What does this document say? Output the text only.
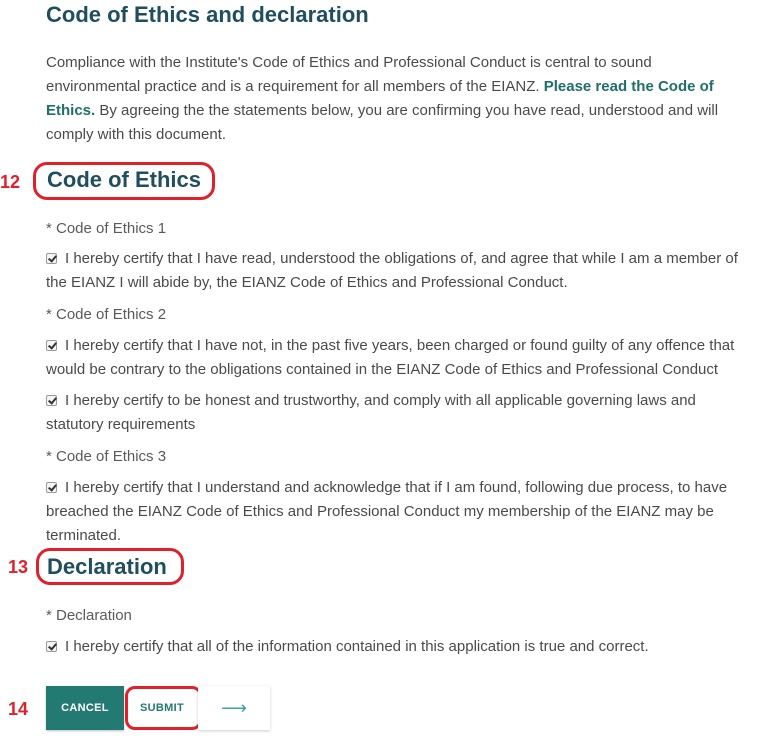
Code of Ethics and declaration
Compliance with the Institute's Code of Ethics and Professional Conduct is central to sound environmental practice and is a requirement for all members of the EIANZ. Please read the Code of Ethics. By agreeing the the statements below, you are confirming you have read, understood and will comply with this document.
12 Code of Ethics
* Code of Ethics 1
I hereby certify that I have read, understood the obligations of, and agree that while I am a member of the EIANZ I will abide by, the EIANZ Code of Ethics and Professional Conduct.
* Code of Ethics 2
I hereby certify that I have not, in the past five years, been charged or found guilty of any offence that would be contrary to the obligations contained in the EIANZ Code of Ethics and Professional Conduct
I hereby certify to be honest and trustworthy, and comply with all applicable governing laws and statutory requirements
* Code of Ethics 3
I hereby certify that I understand and acknowledge that if I am found, following due process, to have breached the EIANZ Code of Ethics and Professional Conduct my membership of the EIANZ may be terminated.
13 Declaration
* Declaration
I hereby certify that all of the information contained in this application is true and correct.
14	CANCEL	SUBMIT	⟶
